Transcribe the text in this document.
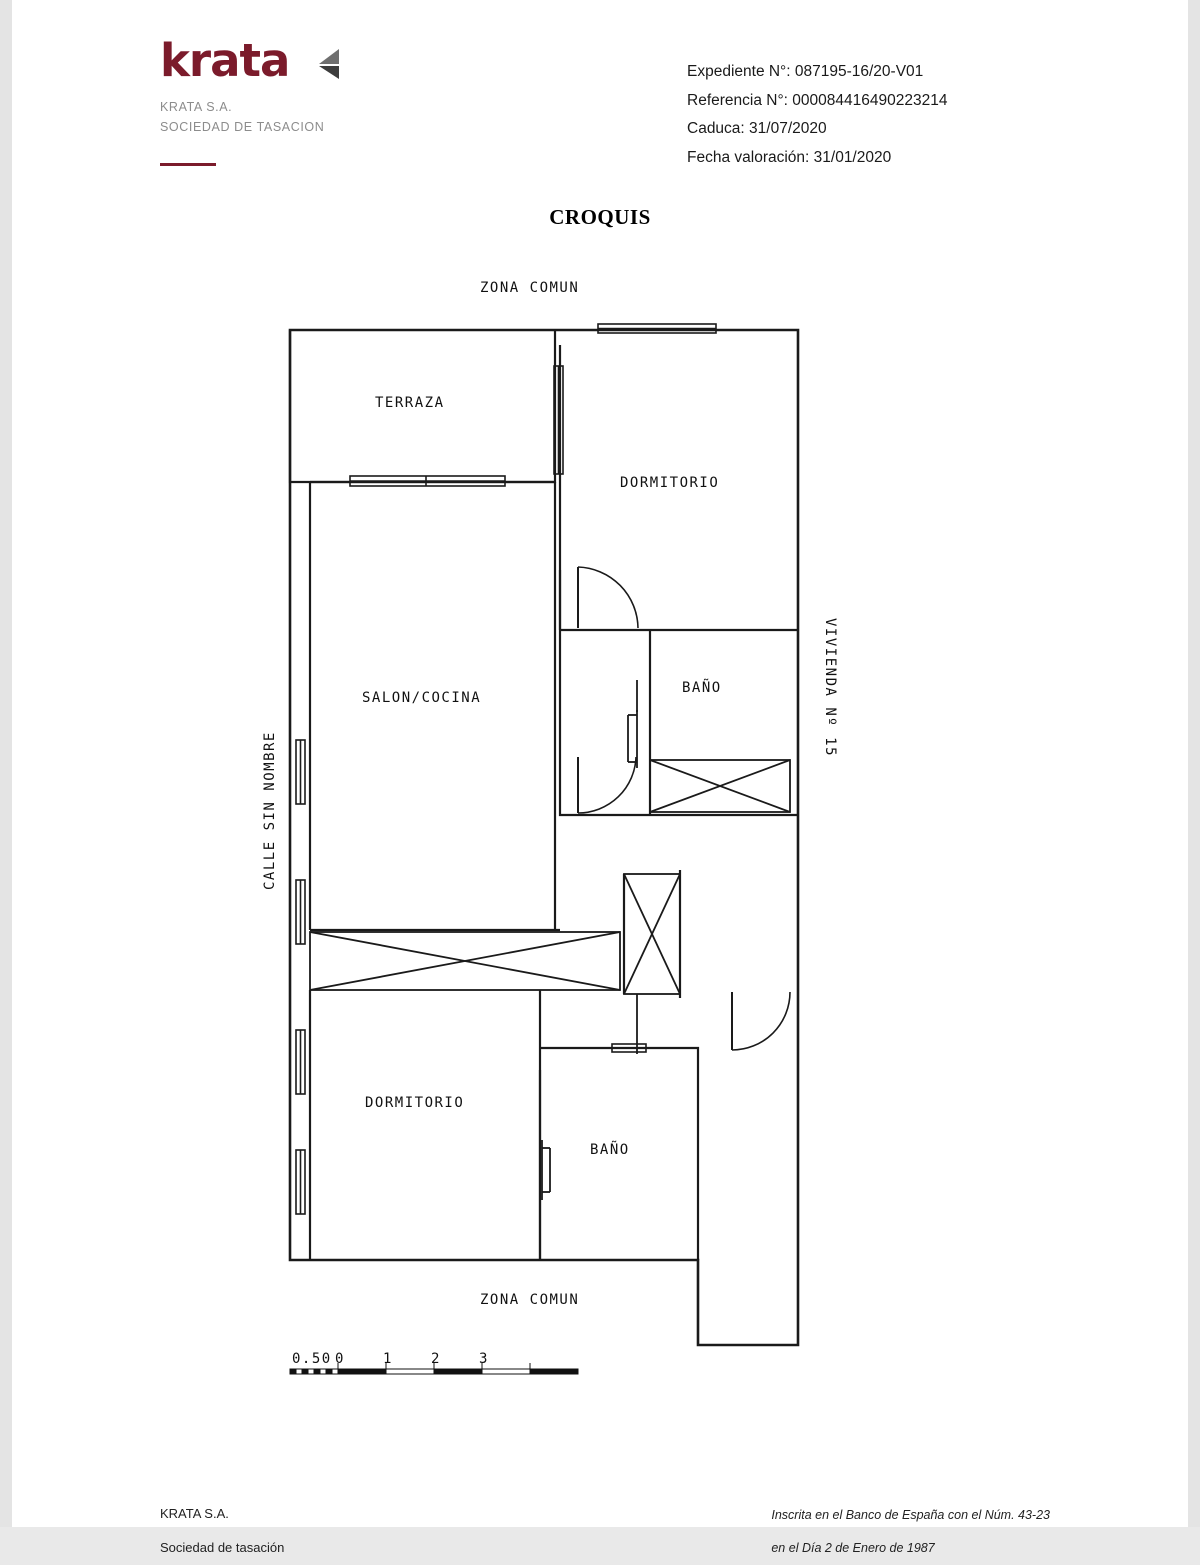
krata
KRATA S.A.
SOCIEDAD DE TASACION
Expediente N°: 087195-16/20-V01
Referencia N°: 000084416490223214
Caduca: 31/07/2020
Fecha valoración: 31/01/2020
CROQUIS
ZONA COMUN
TERRAZA
DORMITORIO
SALON/COCINA
BAÑO
DORMITORIO
BAÑO
ZONA COMUN
CALLE SIN NOMBRE
VIVIENDA Nº 15
0.50 0	1	2	3
KRATA S.A.
Sociedad de tasación
Inscrita en el Banco de España con el Núm. 43-23
en el Día 2 de Enero de 1987
